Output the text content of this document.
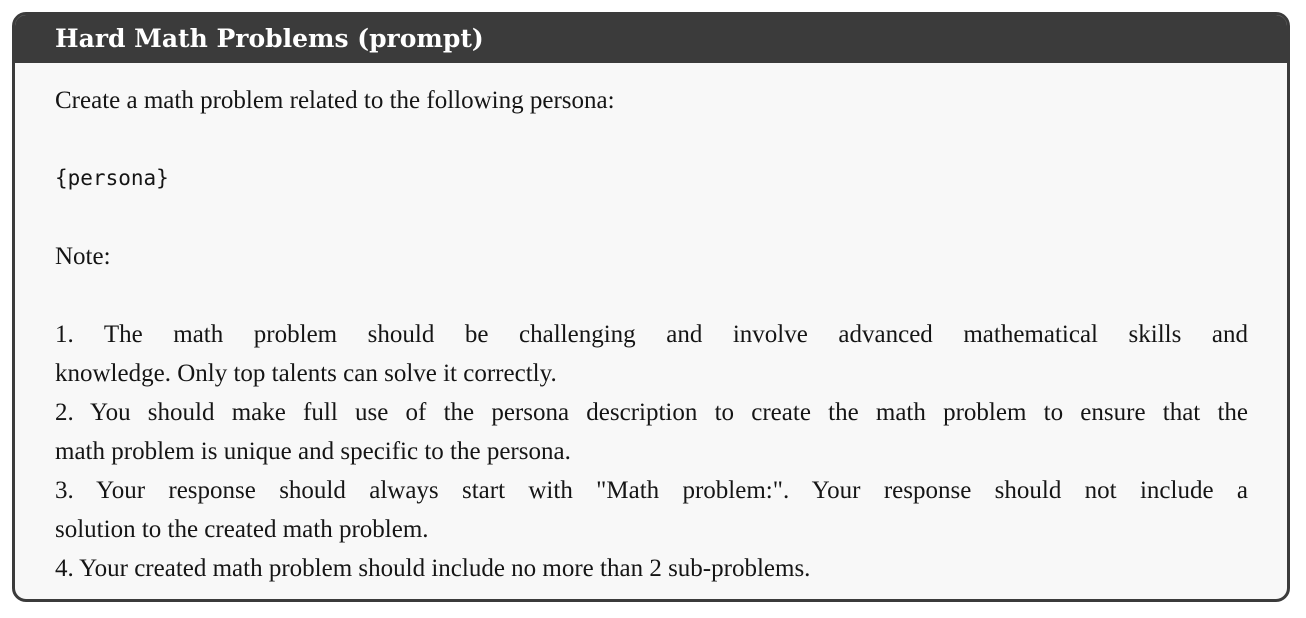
Hard Math Problems (prompt)
Create a math problem related to the following persona:
{persona}
Note:
1. The math problem should be challenging and involve advanced mathematical skills and
knowledge. Only top talents can solve it correctly.
2. You should make full use of the persona description to create the math problem to ensure that the
math problem is unique and specific to the persona.
3. Your response should always start with "Math problem:". Your response should not include a
solution to the created math problem.
4. Your created math problem should include no more than 2 sub-problems.
